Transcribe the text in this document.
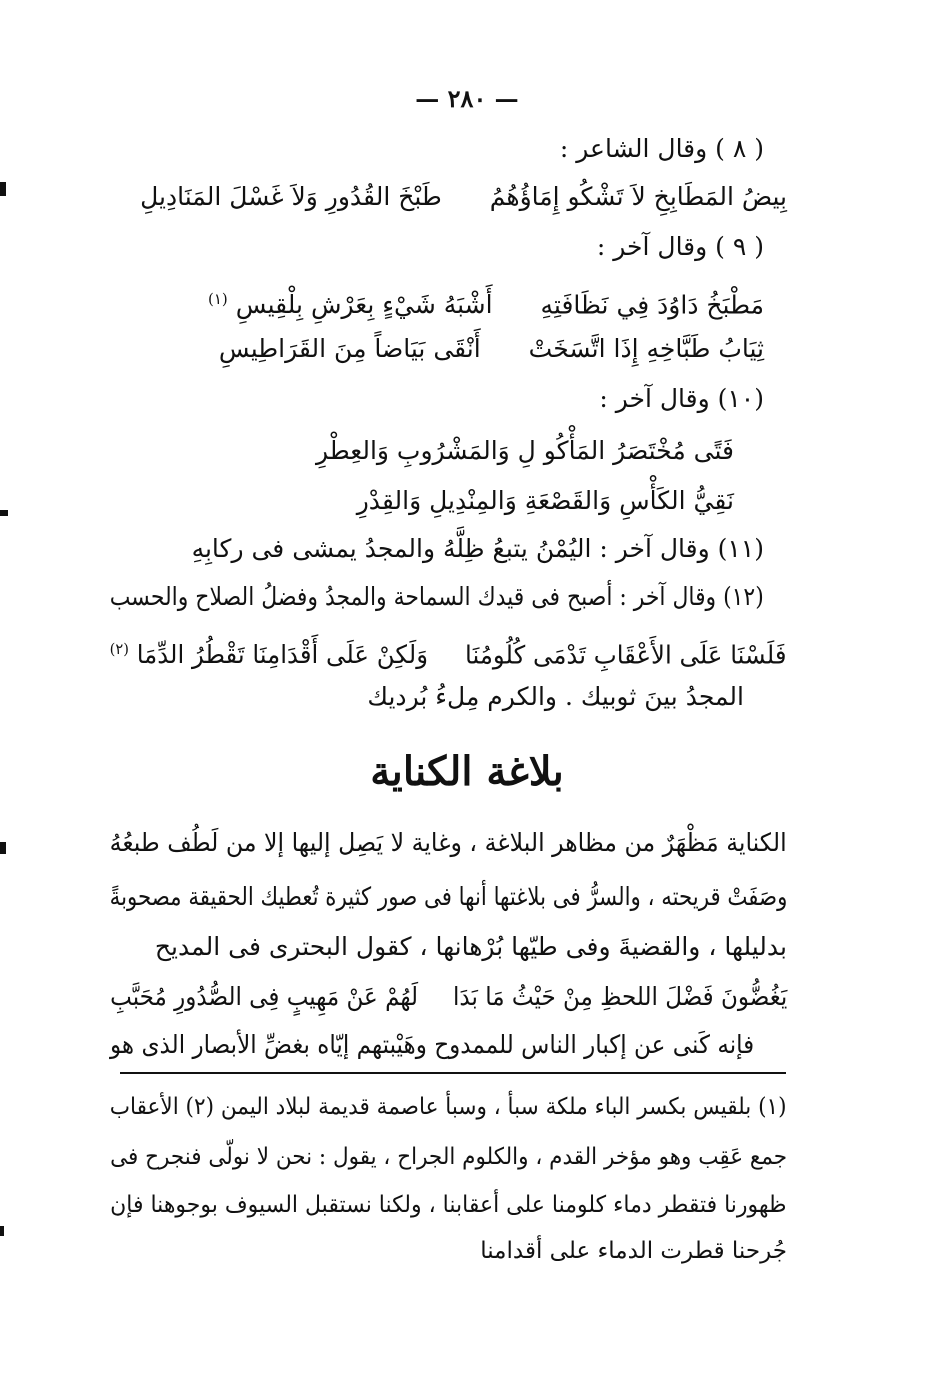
— ٢٨٠ —
( ٨ ) وقال الشاعر :
بِيضُ المَطَابِخِ لاَ تَشْكُو إِمَاؤُهُمُ طَبْخَ القُدُورِ وَلاَ غَسْلَ المَنَادِيلِ
( ٩ ) وقال آخر :
مَطْبَخُ دَاوُدَ فِي نَظَافَتِهِ أَشْبَهُ شَيْءٍ بِعَرْشِ بِلْقِيسِ $^{(١)}$
ثِيَابُ طَبَّاخِهِ إِذَا اتَّسَخَتْ أَنْقَى بَيَاضاً مِنَ القَرَاطِيسِ
(١٠) وقال آخر :
فَتًى مُخْتَصَرُ المَأْكُو لِ وَالمَشْرُوبِ وَالعِطْرِ
نَقِيُّ الكَأْسِ وَالقَصْعَةِ وَالمِنْدِيلِ وَالقِدْرِ
(١١) وقال آخر : اليُمْنُ يتبعُ ظِلَّهُ والمجدُ يمشى فى ركابِهِ
(١٢) وقال آخر : أصبح فى قيدك السماحة والمجدُ وفضلُ الصلاح والحسب
فَلَسْنَا عَلَى الأَعْقَابِ تَدْمَى كُلُومُنَا وَلَكِنْ عَلَى أَقْدَامِنَا تَقْطُرُ الدِّمَا $^{(٢)}$
المجدُ بينَ ثوبيك . والكرم مِلءُ بُرديك
بلاغة الكناية
الكناية مَظْهَرٌ من مظاهر البلاغة ، وغاية لا يَصِل إليها إلا من لَطُف طبعُهُ
وصَفَتْ قريحته ، والسرُّ فى بلاغتها أنها فى صور كثيرة تُعطيك الحقيقة مصحوبةً
بدليلها ، والقضيةَ وفى طيّها بُرْهانها ، كقول البحترى فى المديح
يَغُضُّونَ فَضْلَ اللحظِ مِنْ حَيْثُ مَا بَدَا لَهُمْ عَنْ مَهِيبٍ فِى الصُّدُورِ مُحَبَّبِ
فإنه كَنى عن إكبار الناس للممدوح وهَيْبتهم إيّاه بغضِّ الأبصار الذى هو
(١) بلقيس بكسر الباء ملكة سبأ ، وسبأ عاصمة قديمة لبلاد اليمن (٢) الأعقاب
جمع عَقِب وهو مؤخر القدم ، والكلوم الجراح ، يقول : نحن لا نولّى فنجرح فى
ظهورنا فتقطر دماء كلومنا على أعقابنا ، ولكنا نستقبل السيوف بوجوهنا فإن
جُرحنا قطرت الدماء على أقدامنا
